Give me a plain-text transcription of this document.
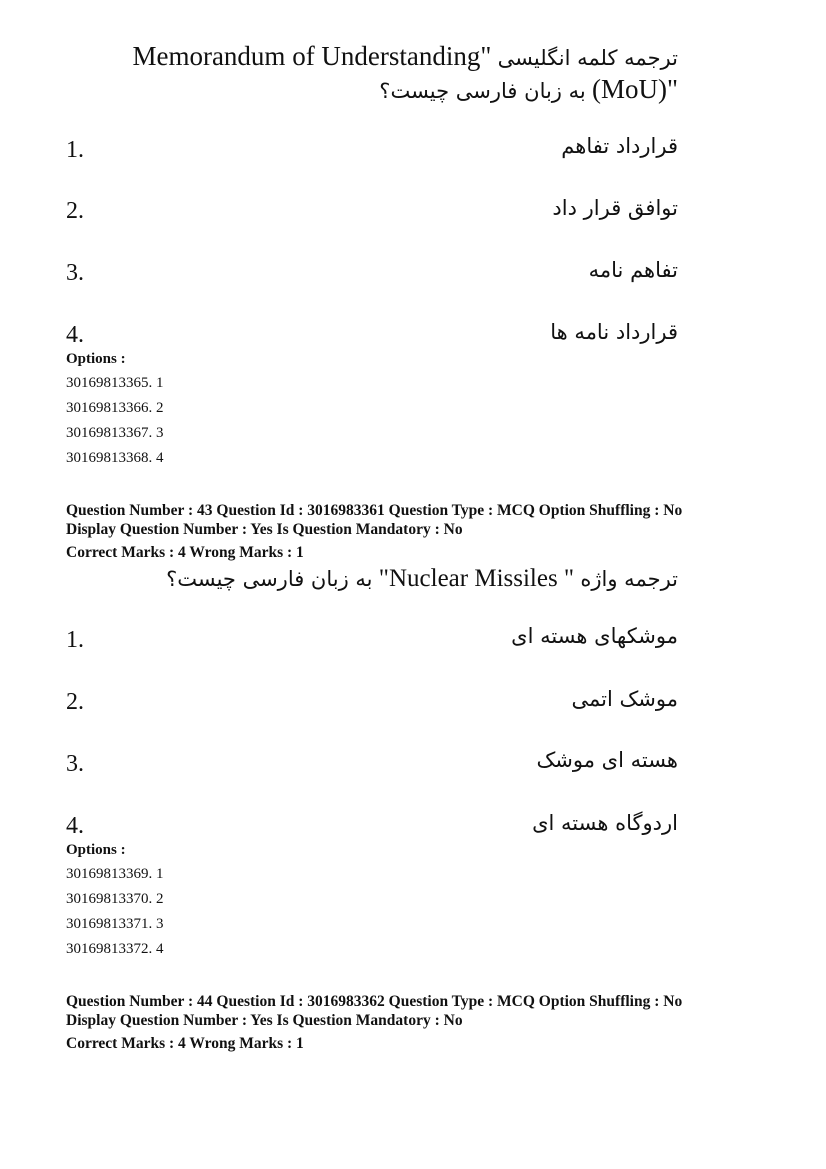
Memorandum of Understanding" ترجمه کلمه انگلیسی
به زبان فارسی چیست؟ (MoU)"
1.	قرارداد تفاهم
2.	توافق قرار داد
3.	تفاهم نامه
4.	قرارداد نامه ها
Options :
30169813365. 1
30169813366. 2
30169813367. 3
30169813368. 4
Question Number : 43 Question Id : 3016983361 Question Type : MCQ Option Shuffling : No
Display Question Number : Yes Is Question Mandatory : No
Correct Marks : 4 Wrong Marks : 1
ترجمه واژه "Nuclear Missiles " به زبان فارسی چیست؟
1.	موشکهای هسته ای
2.	موشک اتمی
3.	هسته ای موشک
4.	اردوگاه هسته ای
Options :
30169813369. 1
30169813370. 2
30169813371. 3
30169813372. 4
Question Number : 44 Question Id : 3016983362 Question Type : MCQ Option Shuffling : No
Display Question Number : Yes Is Question Mandatory : No
Correct Marks : 4 Wrong Marks : 1
